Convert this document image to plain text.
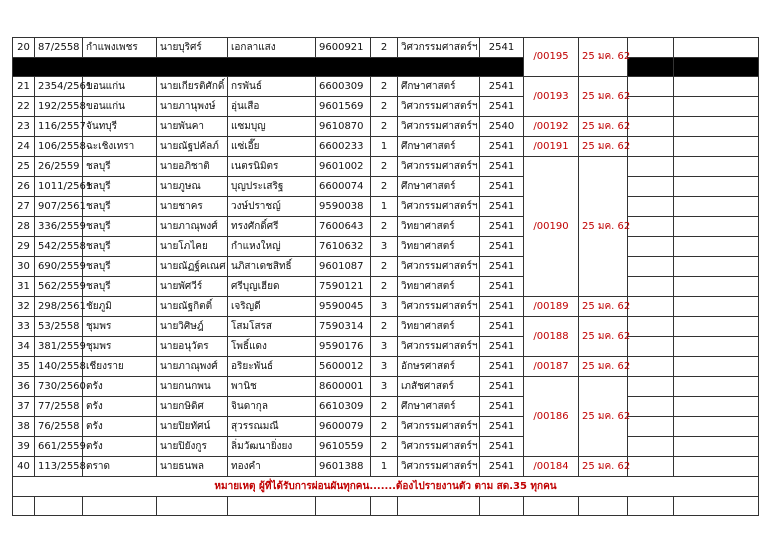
20	87/2558	กำแพงเพชร	นายบุริศร์	เอกลาแสง	9600921	2	วิศวกรรมศาสตร์ฯ	2541	/00195	25 มค. 62		

21	2354/2561	ขอนแก่น	นายเกียรติศักดิ์	กรพันธ์	6600309	2	ศึกษาศาสตร์	2541	/00193	25 มค. 62		
22	192/2558	ขอนแก่น	นายภานุพงษ์	อุ่นเสือ	9601569	2	วิศวกรรมศาสตร์ฯ	2541				
23	116/2557	จันทบุรี	นายพันคา	แซมบุญ	9610870	2	วิศวกรรมศาสตร์ฯ	2540	/00192	25 มค. 62		
24	106/2558	ฉะเชิงเทรา	นายณัฐปคัลภ์	แซ่เอี๊ย	6600233	1	ศึกษาศาสตร์	2541	/00191	25 มค. 62		
25	26/2559	ชลบุรี	นายอภิชาติ	เนตรนิมิตร	9601002	2	วิศวกรรมศาสตร์ฯ	2541	/00190	25 มค. 62		
26	1011/2561	ชลบุรี	นายภูษณ	บุญประเสริฐ	6600074	2	ศึกษาศาสตร์	2541				
27	907/2561	ชลบุรี	นายชาคร	วงษ์ปราชญ์	9590038	1	วิศวกรรมศาสตร์ฯ	2541				
28	336/2559	ชลบุรี	นายภาณุพงศ์	ทรงศักดิ์ศรี	7600643	2	วิทยาศาสตร์	2541				
29	542/2558	ชลบุรี	นายโภไคย	กำแหงใหญ่	7610632	3	วิทยาศาสตร์	2541				
30	690/2559	ชลบุรี	นายณัฏฐ์คเณศ	นภิสาเดชสิทธิ์	9601087	2	วิศวกรรมศาสตร์ฯ	2541				
31	562/2559	ชลบุรี	นายพัศวีร์	ศรีบุญเฮียด	7590121	2	วิทยาศาสตร์	2541				
32	298/2561	ชัยภูมิ	นายณัฐกิตติ์	เจริญดี	9590045	3	วิศวกรรมศาสตร์ฯ	2541	/00189	25 มค. 62		
33	53/2558	ชุมพร	นายวิศิษฎ์	โสมโสรส	7590314	2	วิทยาศาสตร์	2541	/00188	25 มค. 62		
34	381/2559	ชุมพร	นายอนุวัตร	โพธิ์แดง	9590176	3	วิศวกรรมศาสตร์ฯ	2541				
35	140/2558	เชียงราย	นายภาณุพงศ์	อริยะพันธ์	5600012	3	อักษรศาสตร์	2541	/00187	25 มค. 62		
36	730/2560	ตรัง	นายกนกพน	พานิช	8600001	3	เภสัชศาสตร์	2541	/00186	25 มค. 62		
37	77/2558	ตรัง	นายกษิดิศ	จินดากุล	6610309	2	ศึกษาศาสตร์	2541				
38	76/2558	ตรัง	นายปิยทัศน์	สุวรรณมณี	9600079	2	วิศวกรรมศาสตร์ฯ	2541				
39	661/2559	ตรัง	นายปิยังกูร	ลิ่มวัฒนายิ่งยง	9610559	2	วิศวกรรมศาสตร์ฯ	2541				
40	113/2558	ตราด	นายธนพล	ทองคำ	9601388	1	วิศวกรรมศาสตร์ฯ	2541	/00184	25 มค. 62		
หมายเหตุ ผู้ที่ได้รับการผ่อนผันทุกคน.......ต้องไปรายงานตัว ตาม สด.35 ทุกคน												
